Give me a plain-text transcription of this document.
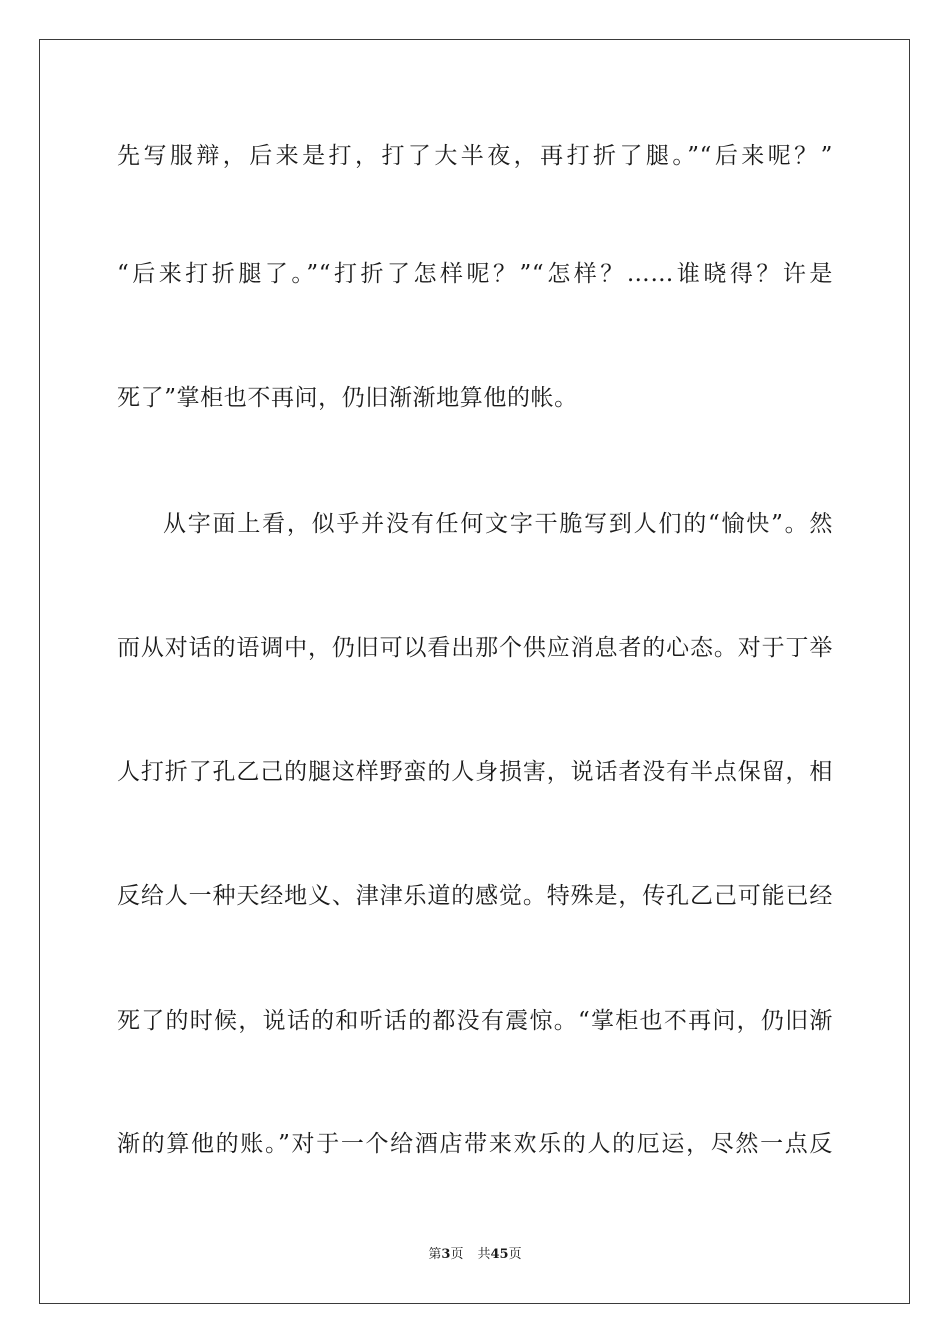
先写服辩，后来是打，打了大半夜，再打折了腿。”“后来呢？”
“后来打折腿了。”“打折了怎样呢？”“怎样？……谁晓得？许是
死了”掌柜也不再问，仍旧渐渐地算他的帐。
从字面上看，似乎并没有任何文字干脆写到人们的“愉快”。然
而从对话的语调中，仍旧可以看出那个供应消息者的心态。对于丁举
人打折了孔乙己的腿这样野蛮的人身损害，说话者没有半点保留，相
反给人一种天经地义、津津乐道的感觉。特殊是，传孔乙己可能已经
死了的时候，说话的和听话的都没有震惊。“掌柜也不再问，仍旧渐
渐的算他的账。”对于一个给酒店带来欢乐的人的厄运，尽然一点反
第3页 共45页
